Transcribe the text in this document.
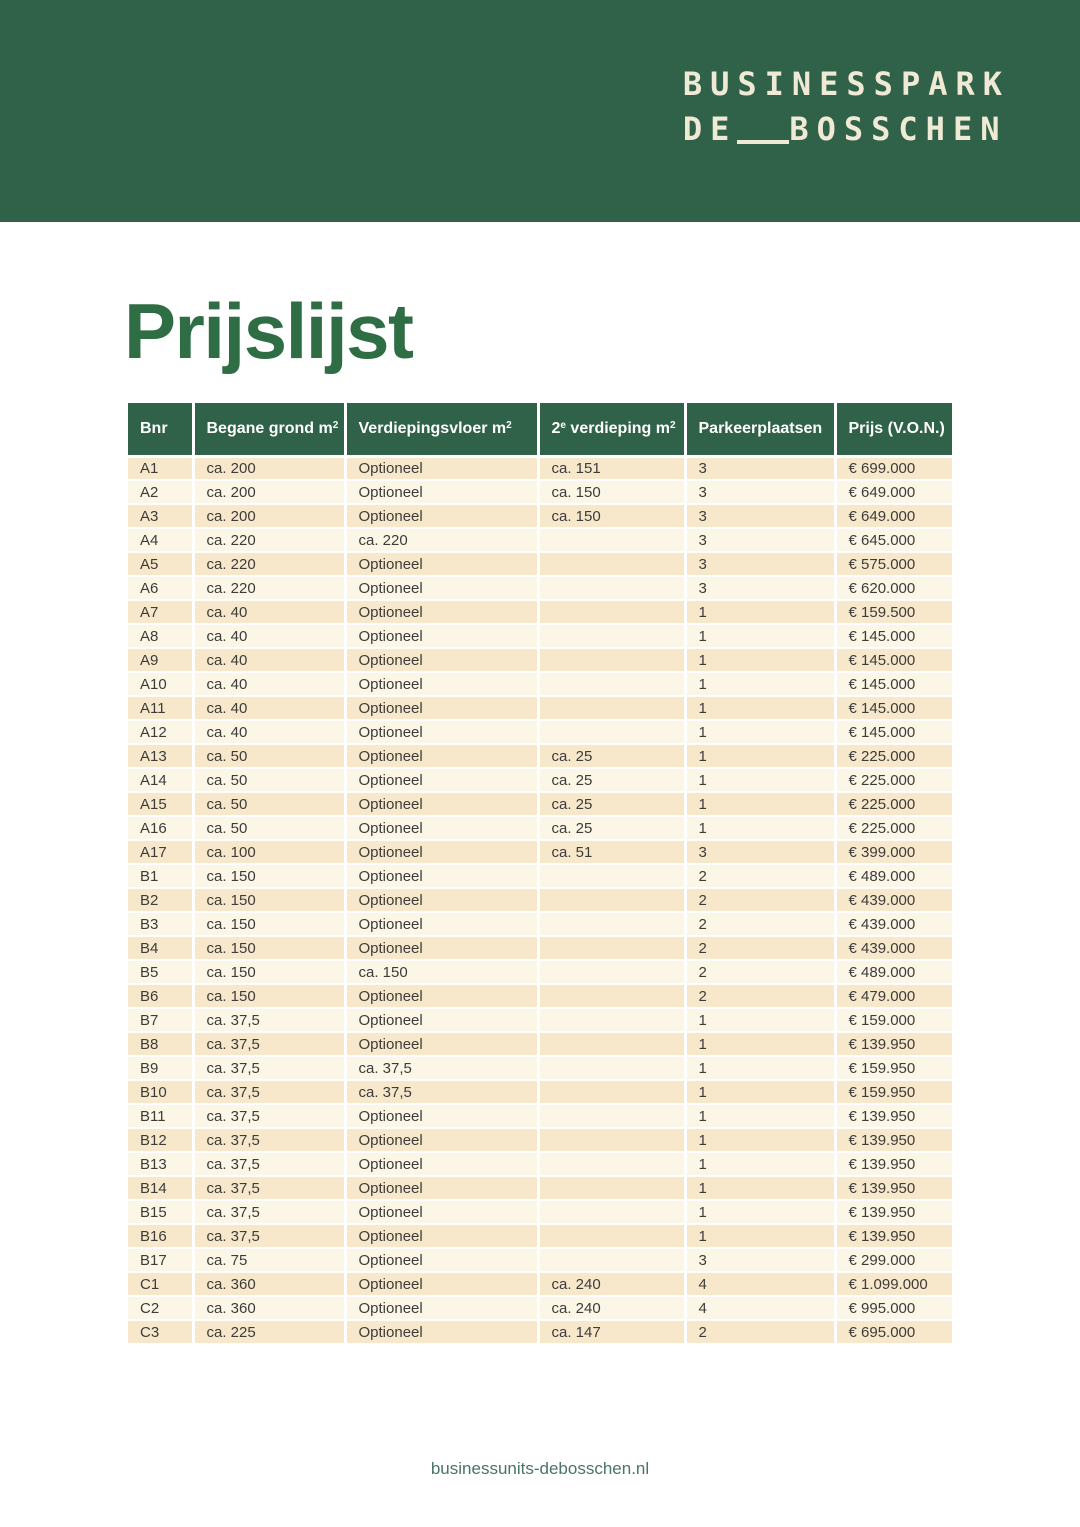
BUSINESSPARK
DE BOSSCHEN
Prijslijst
Bnr	Begane grond $m^2$	Verdiepingsvloer $m^2$	2e verdieping $m^2$	Parkeerplaatsen	Prijs (V.O.N.)
A1	ca. 200	Optioneel	ca. 151	3	€ 699.000
A2	ca. 200	Optioneel	ca. 150	3	€ 649.000
A3	ca. 200	Optioneel	ca. 150	3	€ 649.000
A4	ca. 220	ca. 220		3	€ 645.000
A5	ca. 220	Optioneel		3	€ 575.000
A6	ca. 220	Optioneel		3	€ 620.000
A7	ca. 40	Optioneel		1	€ 159.500
A8	ca. 40	Optioneel		1	€ 145.000
A9	ca. 40	Optioneel		1	€ 145.000
A10	ca. 40	Optioneel		1	€ 145.000
A11	ca. 40	Optioneel		1	€ 145.000
A12	ca. 40	Optioneel		1	€ 145.000
A13	ca. 50	Optioneel	ca. 25	1	€ 225.000
A14	ca. 50	Optioneel	ca. 25	1	€ 225.000
A15	ca. 50	Optioneel	ca. 25	1	€ 225.000
A16	ca. 50	Optioneel	ca. 25	1	€ 225.000
A17	ca. 100	Optioneel	ca. 51	3	€ 399.000
B1	ca. 150	Optioneel		2	€ 489.000
B2	ca. 150	Optioneel		2	€ 439.000
B3	ca. 150	Optioneel		2	€ 439.000
B4	ca. 150	Optioneel		2	€ 439.000
B5	ca. 150	ca. 150		2	€ 489.000
B6	ca. 150	Optioneel		2	€ 479.000
B7	ca. 37,5	Optioneel		1	€ 159.000
B8	ca. 37,5	Optioneel		1	€ 139.950
B9	ca. 37,5	ca. 37,5		1	€ 159.950
B10	ca. 37,5	ca. 37,5		1	€ 159.950
B11	ca. 37,5	Optioneel		1	€ 139.950
B12	ca. 37,5	Optioneel		1	€ 139.950
B13	ca. 37,5	Optioneel		1	€ 139.950
B14	ca. 37,5	Optioneel		1	€ 139.950
B15	ca. 37,5	Optioneel		1	€ 139.950
B16	ca. 37,5	Optioneel		1	€ 139.950
B17	ca. 75	Optioneel		3	€ 299.000
C1	ca. 360	Optioneel	ca. 240	4	€ 1.099.000
C2	ca. 360	Optioneel	ca. 240	4	€ 995.000
C3	ca. 225	Optioneel	ca. 147	2	€ 695.000
businessunits-debosschen.nl
